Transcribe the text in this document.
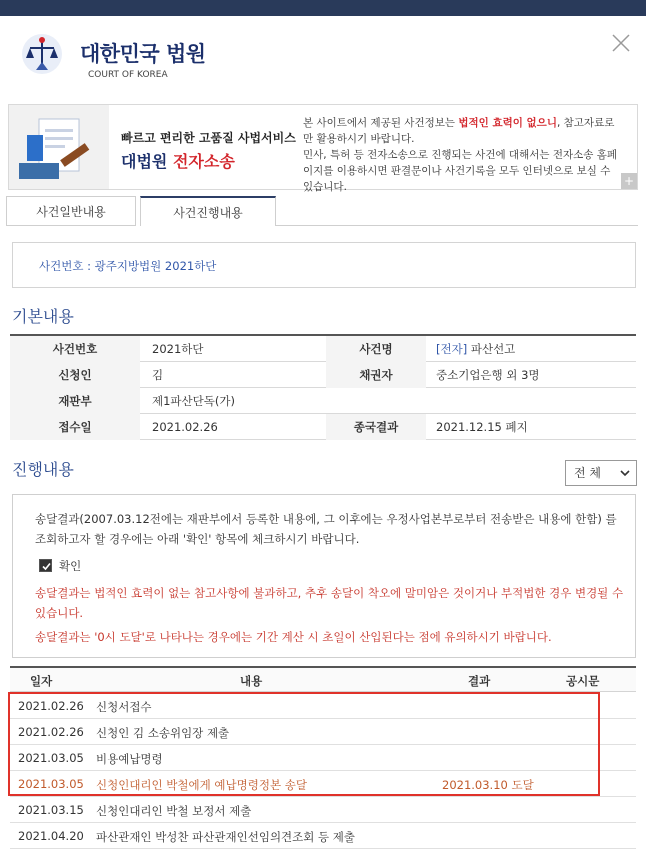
대한민국 법원
COURT OF KOREA
빠르고 편리한 고품질 사법서비스
대법원 전자소송
본 사이트에서 제공된 사건정보는 법적인 효력이 없으니, 참고자료로만 활용하시기 바랍니다.
민사, 특허 등 전자소송으로 진행되는 사건에 대해서는 전자소송 홈페이지를 이용하시면 판결문이나 사건기록을 모두 인터넷으로 보실 수 있습니다.	+
사건일반내용	사건진행내용
사건번호 : 광주지방법원 2021하단
기본내용
사건번호	2021하단	사건명	[전자] 파산선고
신청인	김	채권자	중소기업은행 외 3명
재판부	제1파산단독(가)
접수일	2021.02.26	종국결과	2021.12.15 폐지
진행내용	전 체
송달결과(2007.03.12전에는 재판부에서 등록한 내용에, 그 이후에는 우정사업본부로부터 전송받은 내용에 한함) 를 조회하고자 할 경우에는 아래 '확인' 항목에 체크하시기 바랍니다.
확인
송달결과는 법적인 효력이 없는 참고사항에 불과하고, 추후 송달이 착오에 말미암은 것이거나 부적법한 경우 변경될 수 있습니다.
송달결과는 '0시 도달'로 나타나는 경우에는 기간 계산 시 초일이 산입된다는 점에 유의하시기 바랍니다.
일자	내용	결과	공시문
2021.02.26 신청서접수
2021.02.26 신청인 김 소송위임장 제출
2021.03.05 비용예납명령
2021.03.05 신청인대리인 박철에게 예납명령정본 송달	2021.03.10 도달
2021.03.15 신청인대리인 박철 보정서 제출
2021.04.20 파산관재인 박성찬 파산관재인선임의견조회 등 제출
